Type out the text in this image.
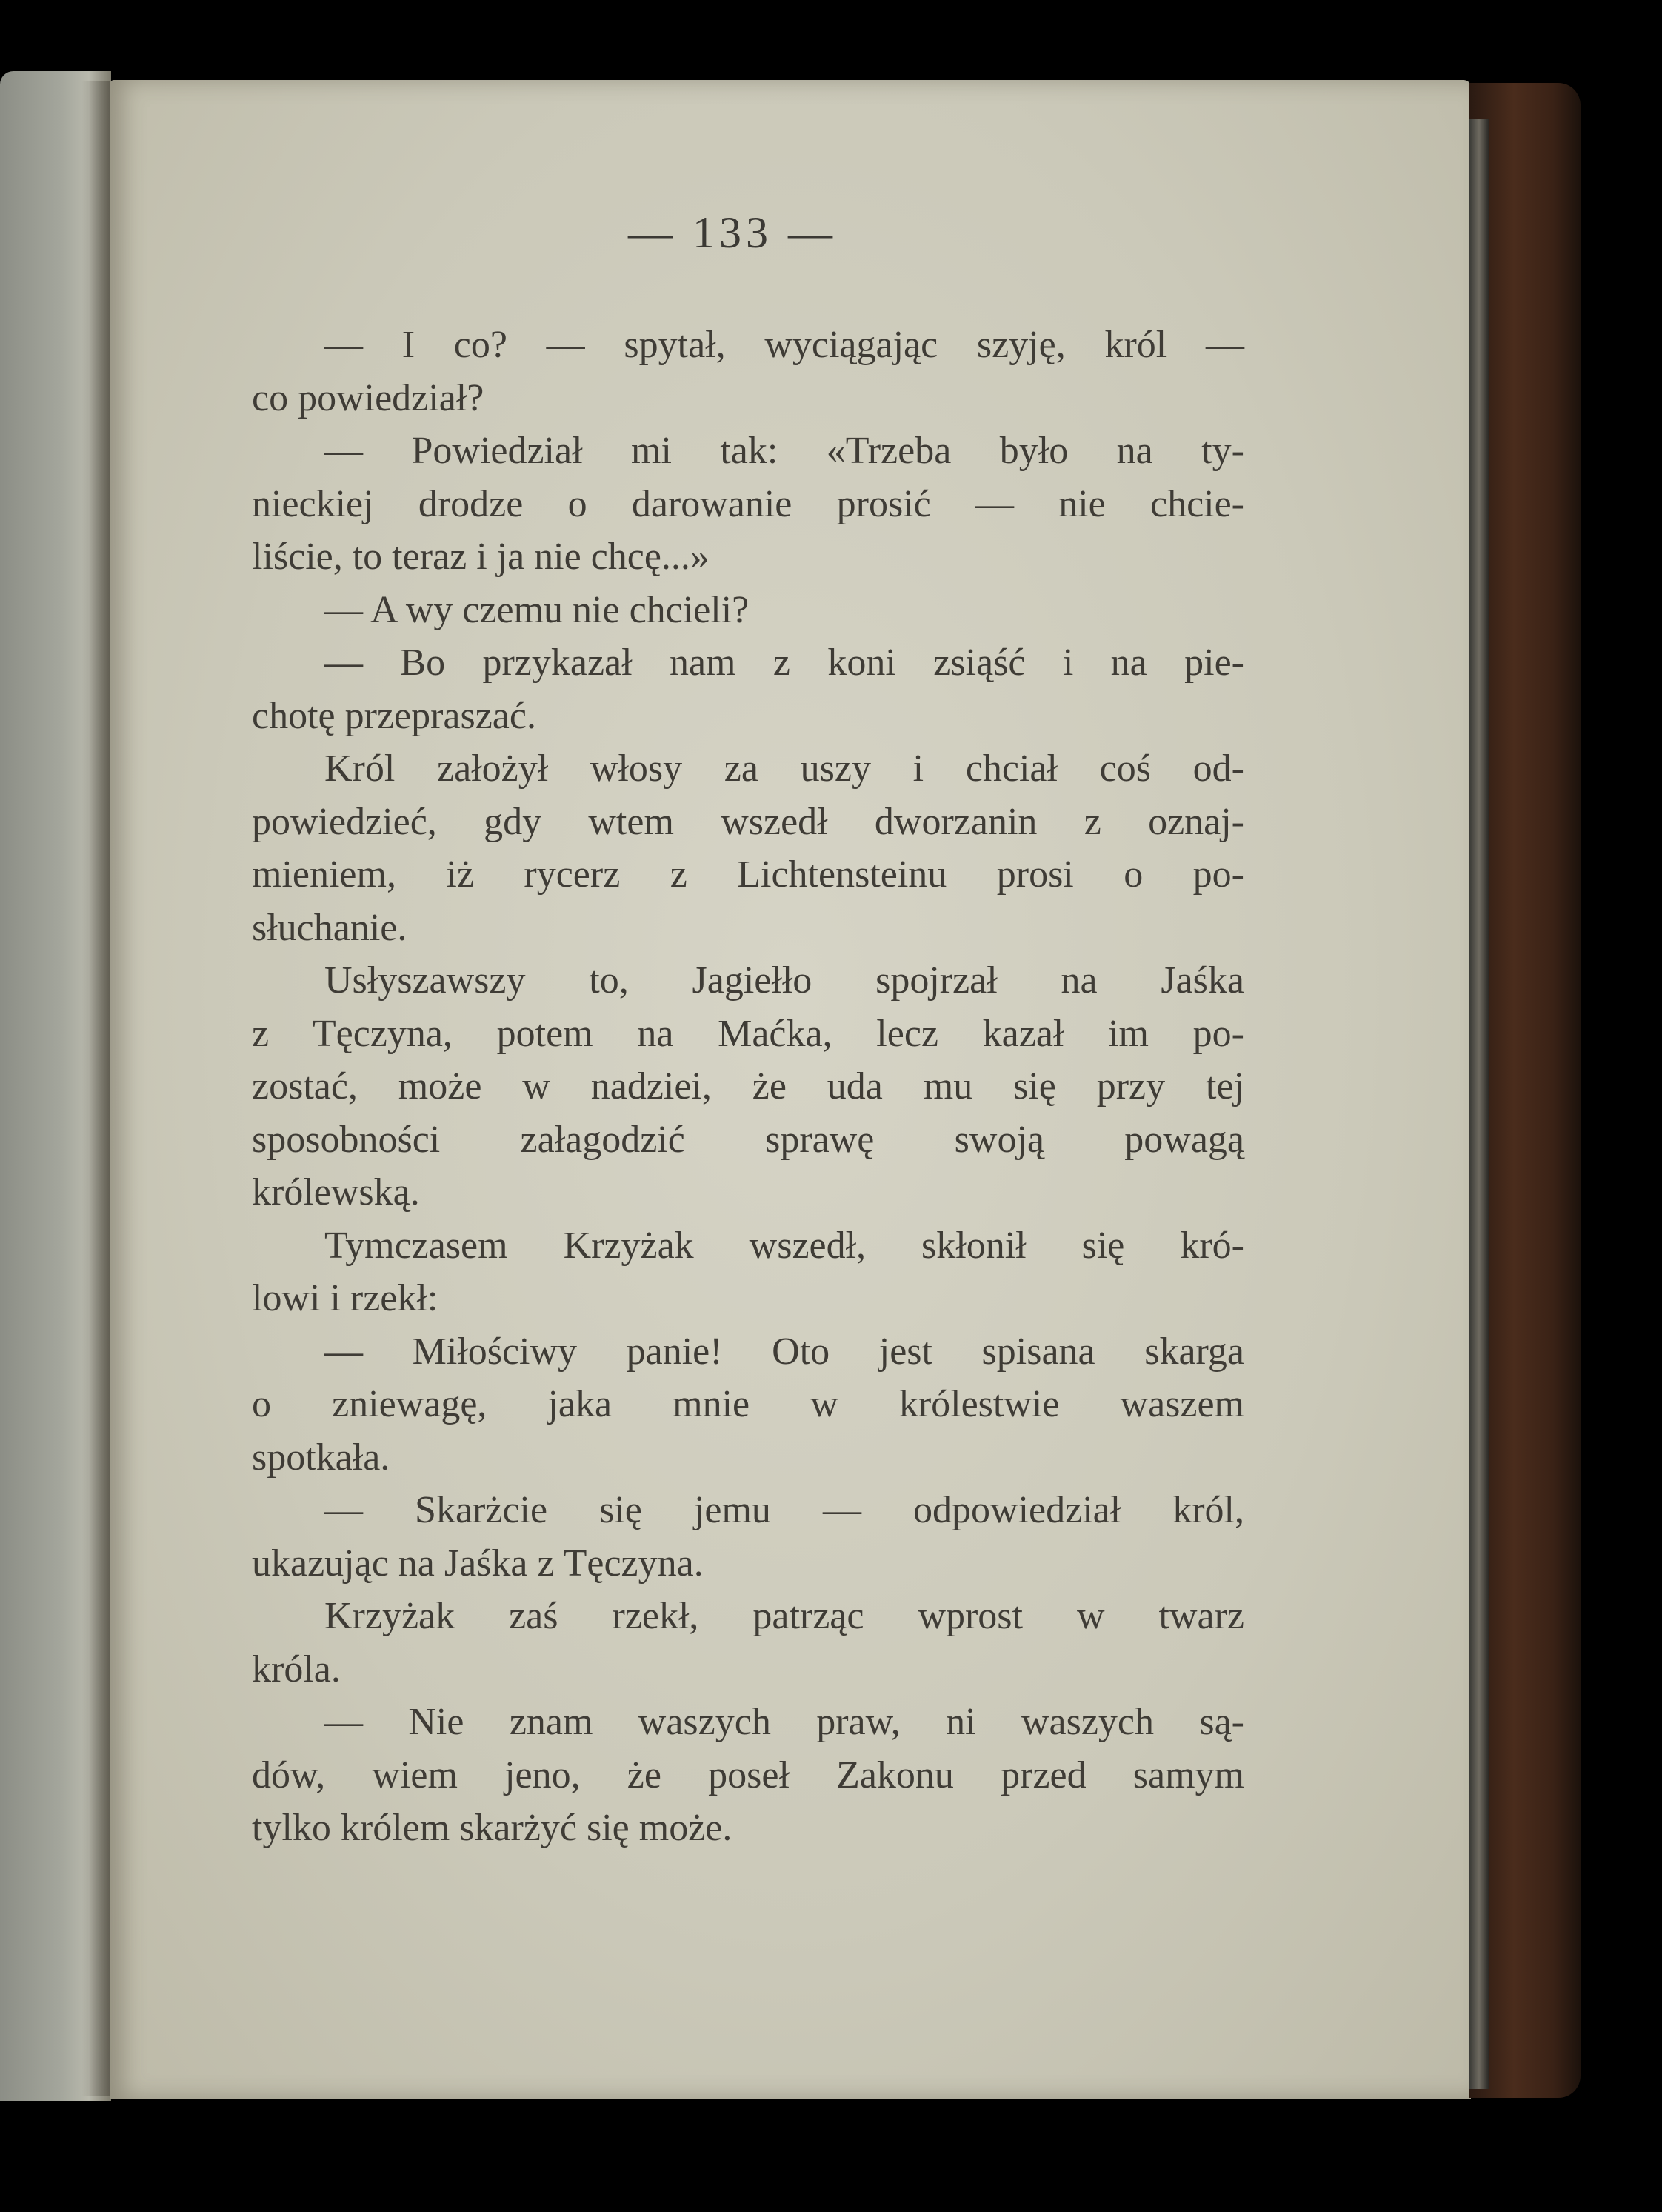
— 133 —
— I co? — spytał, wyciągając szyję, król —
co powiedział?
— Powiedział mi tak: «Trzeba było na ty-
nieckiej drodze o darowanie prosić — nie chcie-
liście, to teraz i ja nie chcę...»
— A wy czemu nie chcieli?
— Bo przykazał nam z koni zsiąść i na pie-
chotę przepraszać.
Król założył włosy za uszy i chciał coś od-
powiedzieć, gdy wtem wszedł dworzanin z oznaj-
mieniem, iż rycerz z Lichtensteinu prosi o po-
słuchanie.
Usłyszawszy to, Jagiełło spojrzał na Jaśka
z Tęczyna, potem na Maćka, lecz kazał im po-
zostać, może w nadziei, że uda mu się przy tej
sposobności załagodzić sprawę swoją powagą
królewską.
Tymczasem Krzyżak wszedł, skłonił się kró-
lowi i rzekł:
— Miłościwy panie! Oto jest spisana skarga
o zniewagę, jaka mnie w królestwie waszem
spotkała.
— Skarżcie się jemu — odpowiedział król,
ukazując na Jaśka z Tęczyna.
Krzyżak zaś rzekł, patrząc wprost w twarz
króla.
— Nie znam waszych praw, ni waszych są-
dów, wiem jeno, że poseł Zakonu przed samym
tylko królem skarżyć się może.
